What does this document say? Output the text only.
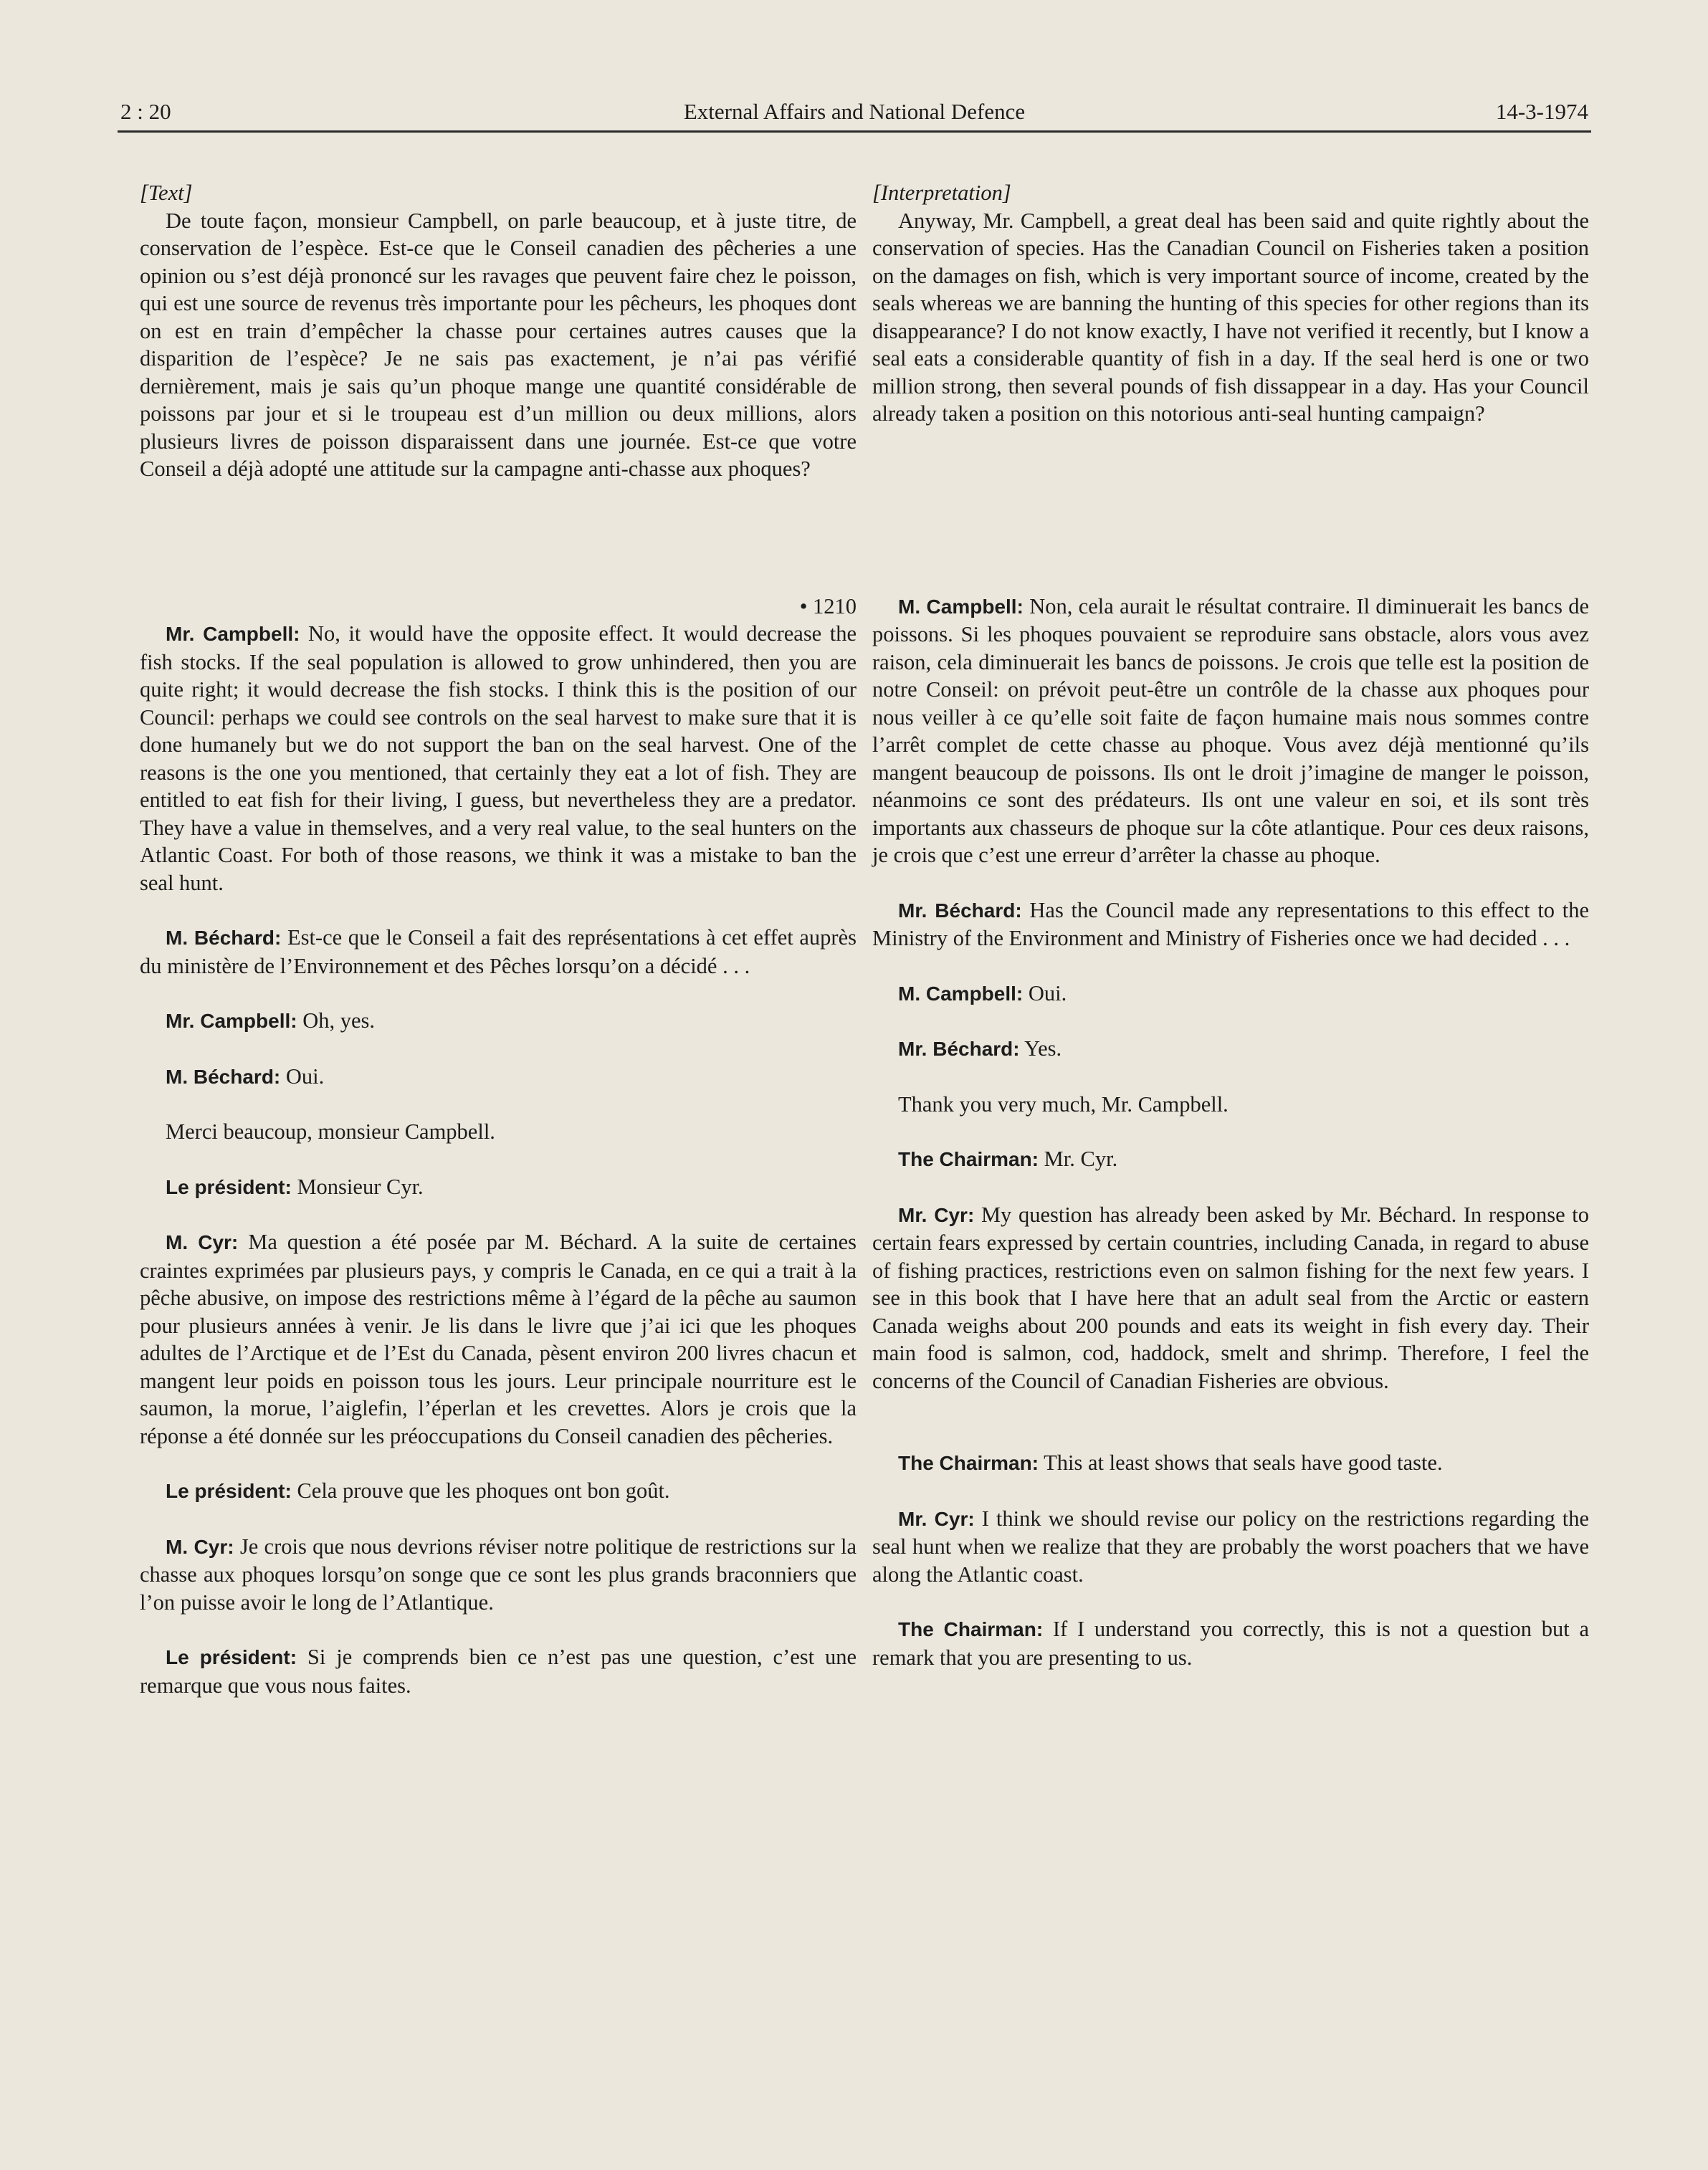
2 : 20	External Affairs and National Defence	14-3-1974

[Text]

De toute façon, monsieur Campbell, on parle beaucoup, et à juste titre, de conservation de l’espèce. Est-ce que le Conseil canadien des pêcheries a une opinion ou s’est déjà prononcé sur les ravages que peuvent faire chez le poisson, qui est une source de revenus très importante pour les pêcheurs, les phoques dont on est en train d’empêcher la chasse pour certaines autres causes que la disparition de l’espèce? Je ne sais pas exactement, je n’ai pas vérifié dernièrement, mais je sais qu’un phoque mange une quantité considérable de poissons par jour et si le troupeau est d’un million ou deux millions, alors plusieurs livres de poisson disparaissent dans une journée. Est-ce que votre Conseil a déjà adopté une attitude sur la campagne anti-chasse aux phoques?

• 1210

Mr. Campbell: No, it would have the opposite effect. It would decrease the fish stocks. If the seal population is allowed to grow unhindered, then you are quite right; it would decrease the fish stocks. I think this is the position of our Council: perhaps we could see controls on the seal harvest to make sure that it is done humanely but we do not support the ban on the seal harvest. One of the reasons is the one you mentioned, that certainly they eat a lot of fish. They are entitled to eat fish for their living, I guess, but nevertheless they are a predator. They have a value in themselves, and a very real value, to the seal hunters on the Atlantic Coast. For both of those reasons, we think it was a mistake to ban the seal hunt.

M. Béchard: Est-ce que le Conseil a fait des représentations à cet effet auprès du ministère de l’Environnement et des Pêches lorsqu’on a décidé . . .

Mr. Campbell: Oh, yes.

M. Béchard: Oui.

Merci beaucoup, monsieur Campbell.

Le président: Monsieur Cyr.

M. Cyr: Ma question a été posée par M. Béchard. A la suite de certaines craintes exprimées par plusieurs pays, y compris le Canada, en ce qui a trait à la pêche abusive, on impose des restrictions même à l’égard de la pêche au saumon pour plusieurs années à venir. Je lis dans le livre que j’ai ici que les phoques adultes de l’Arctique et de l’Est du Canada, pèsent environ 200 livres chacun et mangent leur poids en poisson tous les jours. Leur principale nourriture est le saumon, la morue, l’aiglefin, l’éperlan et les crevettes. Alors je crois que la réponse a été donnée sur les préoccupations du Conseil canadien des pêcheries.

Le président: Cela prouve que les phoques ont bon goût.

M. Cyr: Je crois que nous devrions réviser notre politique de restrictions sur la chasse aux phoques lorsqu’on songe que ce sont les plus grands braconniers que l’on puisse avoir le long de l’Atlantique.

Le président: Si je comprends bien ce n’est pas une question, c’est une remarque que vous nous faites.

[Interpretation]

Anyway, Mr. Campbell, a great deal has been said and quite rightly about the conservation of species. Has the Canadian Council on Fisheries taken a position on the damages on fish, which is very important source of income, created by the seals whereas we are banning the hunting of this species for other regions than its disappearance? I do not know exactly, I have not verified it recently, but I know a seal eats a considerable quantity of fish in a day. If the seal herd is one or two million strong, then several pounds of fish dissappear in a day. Has your Council already taken a position on this notorious anti-seal hunting campaign?

M. Campbell: Non, cela aurait le résultat contraire. Il diminuerait les bancs de poissons. Si les phoques pouvaient se reproduire sans obstacle, alors vous avez raison, cela diminuerait les bancs de poissons. Je crois que telle est la position de notre Conseil: on prévoit peut-être un contrôle de la chasse aux phoques pour nous veiller à ce qu’elle soit faite de façon humaine mais nous sommes contre l’arrêt complet de cette chasse au phoque. Vous avez déjà mentionné qu’ils mangent beaucoup de poissons. Ils ont le droit j’imagine de manger le poisson, néanmoins ce sont des prédateurs. Ils ont une valeur en soi, et ils sont très importants aux chasseurs de phoque sur la côte atlantique. Pour ces deux raisons, je crois que c’est une erreur d’arrêter la chasse au phoque.

Mr. Béchard: Has the Council made any representations to this effect to the Ministry of the Environment and Ministry of Fisheries once we had decided . . .

M. Campbell: Oui.

Mr. Béchard: Yes.

Thank you very much, Mr. Campbell.

The Chairman: Mr. Cyr.

Mr. Cyr: My question has already been asked by Mr. Béchard. In response to certain fears expressed by certain countries, including Canada, in regard to abuse of fishing practices, restrictions even on salmon fishing for the next few years. I see in this book that I have here that an adult seal from the Arctic or eastern Canada weighs about 200 pounds and eats its weight in fish every day. Their main food is salmon, cod, haddock, smelt and shrimp. Therefore, I feel the concerns of the Council of Canadian Fisheries are obvious.

The Chairman: This at least shows that seals have good taste.

Mr. Cyr: I think we should revise our policy on the restrictions regarding the seal hunt when we realize that they are probably the worst poachers that we have along the Atlantic coast.

The Chairman: If I understand you correctly, this is not a question but a remark that you are presenting to us.
